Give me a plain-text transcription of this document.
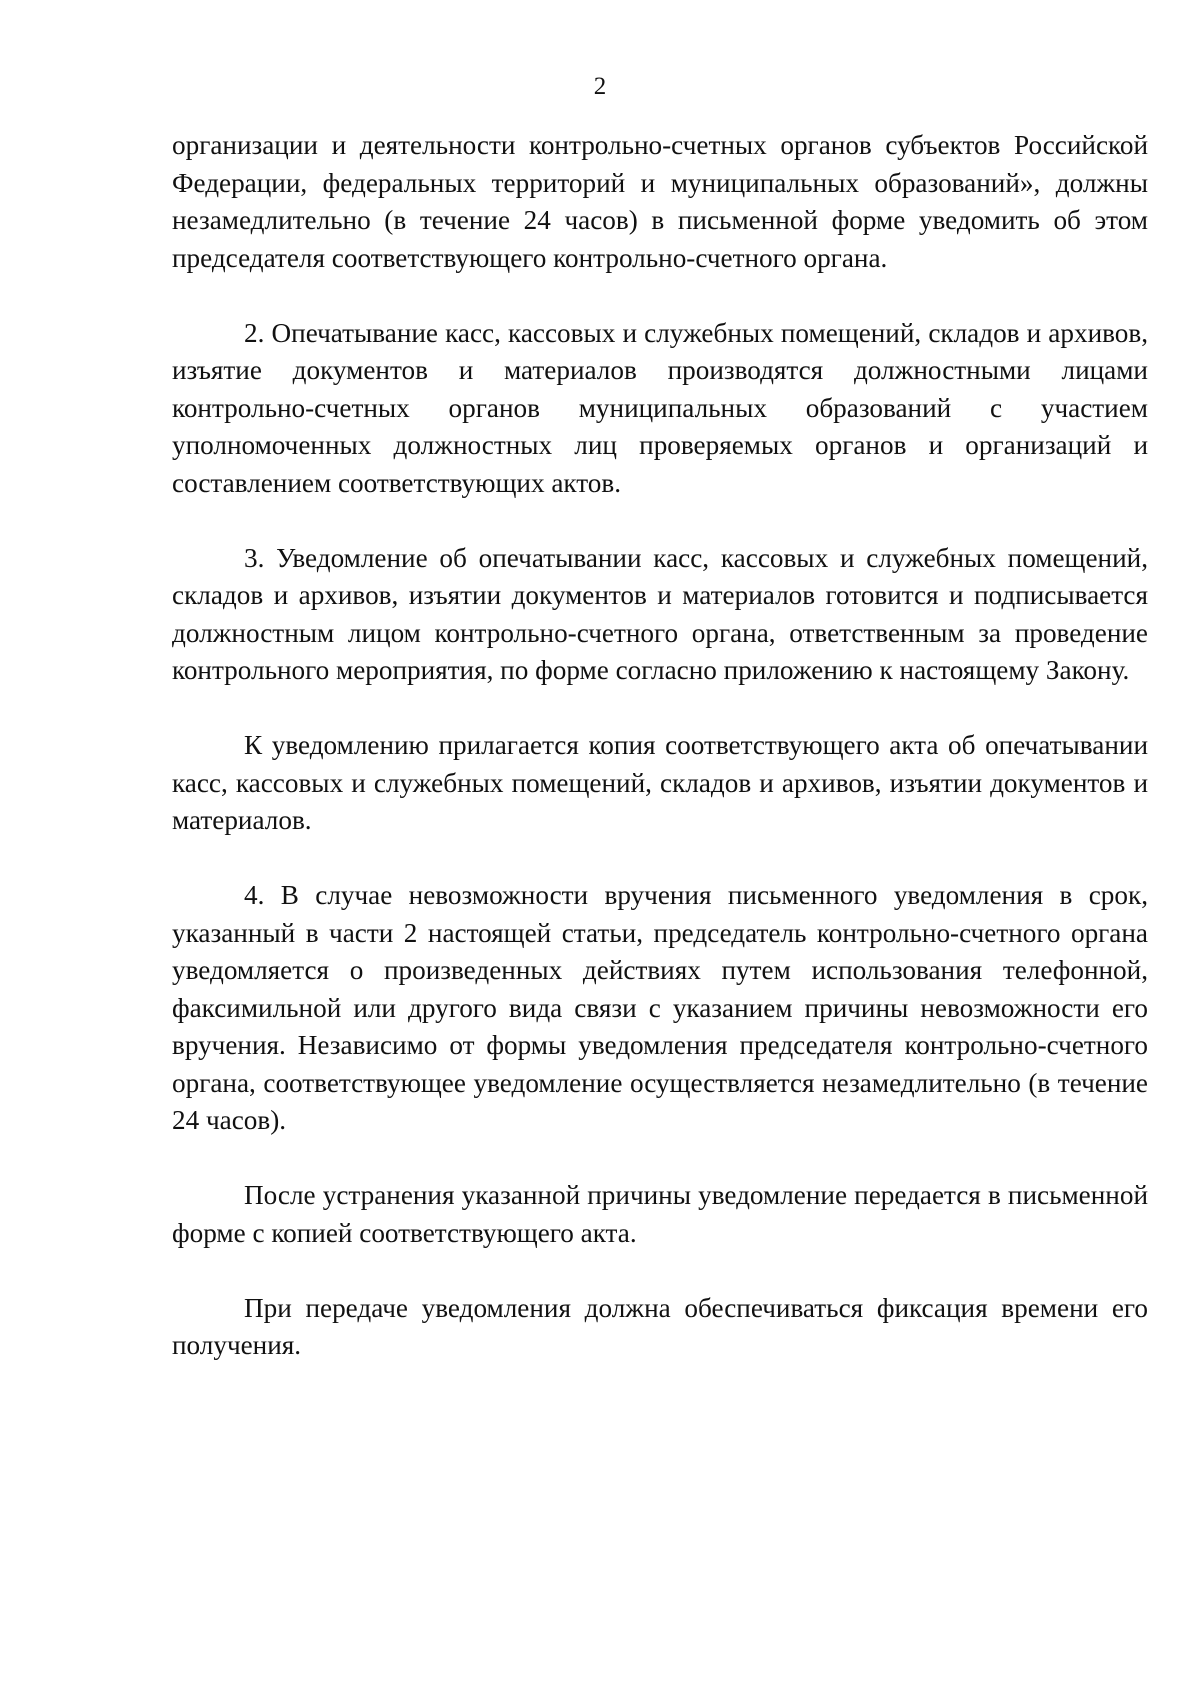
2

организации и деятельности контрольно-счетных органов субъектов Российской Федерации, федеральных территорий и муниципальных образований», должны незамедлительно (в течение 24 часов) в письменной форме уведомить об этом председателя соответствующего контрольно-счетного органа.

2. Опечатывание касс, кассовых и служебных помещений, складов и архивов, изъятие документов и материалов производятся должностными лицами контрольно-счетных органов муниципальных образований с участием уполномоченных должностных лиц проверяемых органов и организаций и составлением соответствующих актов.

3. Уведомление об опечатывании касс, кассовых и служебных помещений, складов и архивов, изъятии документов и материалов готовится и подписывается должностным лицом контрольно-счетного органа, ответственным за проведение контрольного мероприятия, по форме согласно приложению к настоящему Закону.

К уведомлению прилагается копия соответствующего акта об опечатывании касс, кассовых и служебных помещений, складов и архивов, изъятии документов и материалов.

4. В случае невозможности вручения письменного уведомления в срок, указанный в части 2 настоящей статьи, председатель контрольно-счетного органа уведомляется о произведенных действиях путем использования телефонной, факсимильной или другого вида связи с указанием причины невозможности его вручения. Независимо от формы уведомления председателя контрольно-счетного органа, соответствующее уведомление осуществляется незамедлительно (в течение 24 часов).

После устранения указанной причины уведомление передается в письменной форме с копией соответствующего акта.

При передаче уведомления должна обеспечиваться фиксация времени его получения.
